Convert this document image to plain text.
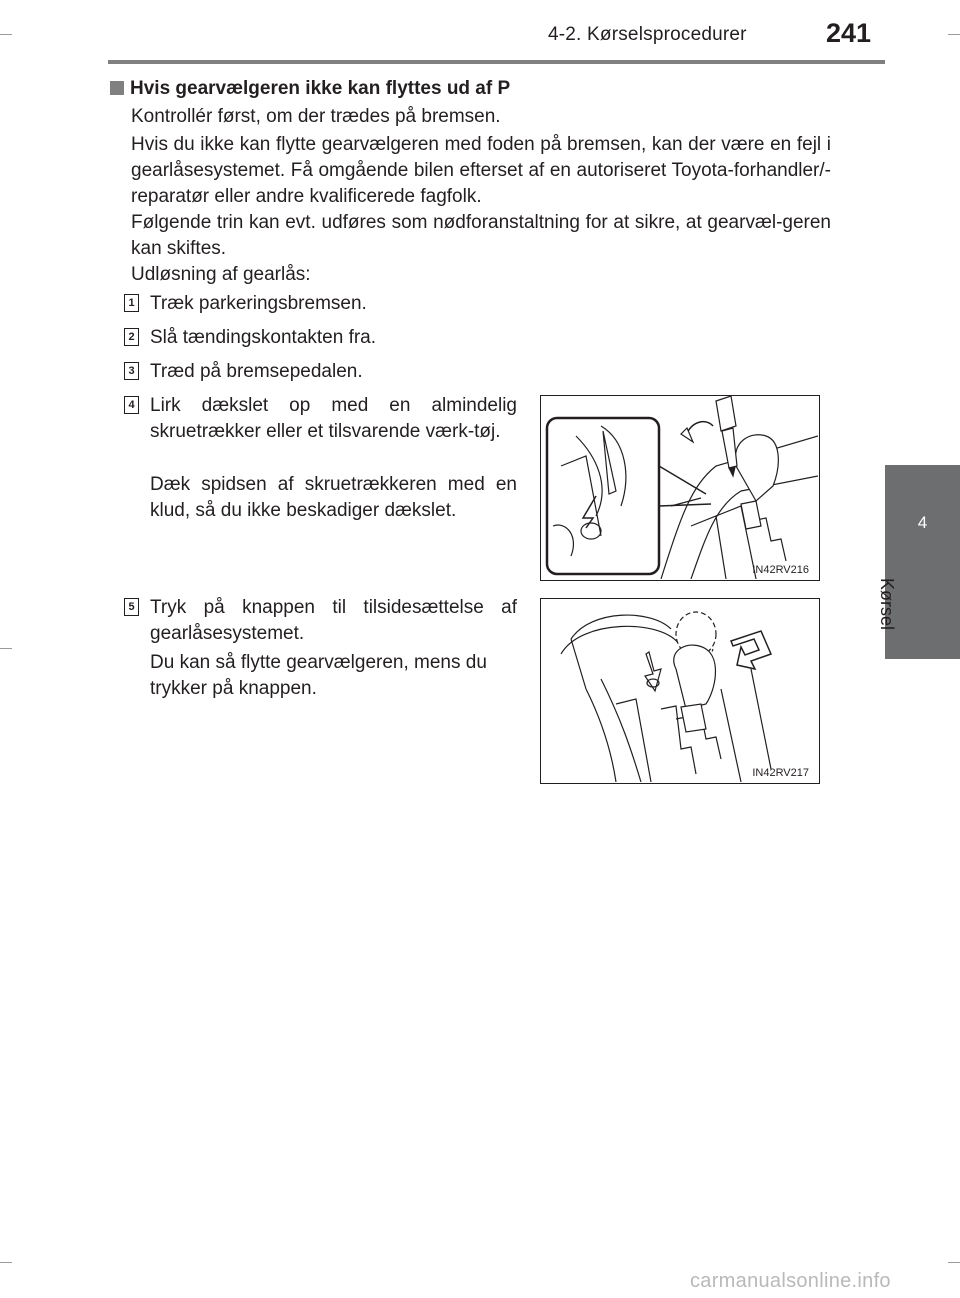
4-2. Kørselsprocedurer	241
4
Kørsel
Hvis gearvælgeren ikke kan flyttes ud af P
Kontrollér først, om der trædes på bremsen.
Hvis du ikke kan flytte gearvælgeren med foden på bremsen, kan der være en fejl i gearlåsesystemet. Få omgående bilen efterset af en autoriseret Toyota-forhandler/-reparatør eller andre kvalificerede fagfolk.
Følgende trin kan evt. udføres som nødforanstaltning for at sikre, at gearvæl-geren kan skiftes.
Udløsning af gearlås:
1 Træk parkeringsbremsen.
2 Slå tændingskontakten fra.
3 Træd på bremsepedalen.
4 Lirk dækslet op med en almindelig skruetrækker eller et tilsvarende værk-tøj.
Dæk spidsen af skruetrækkeren med en klud, så du ikke beskadiger dækslet.
IN42RV216
5 Tryk på knappen til tilsidesættelse af gearlåsesystemet.
Du kan så flytte gearvælgeren, mens du trykker på knappen.
IN42RV217
carmanualsonline.info
